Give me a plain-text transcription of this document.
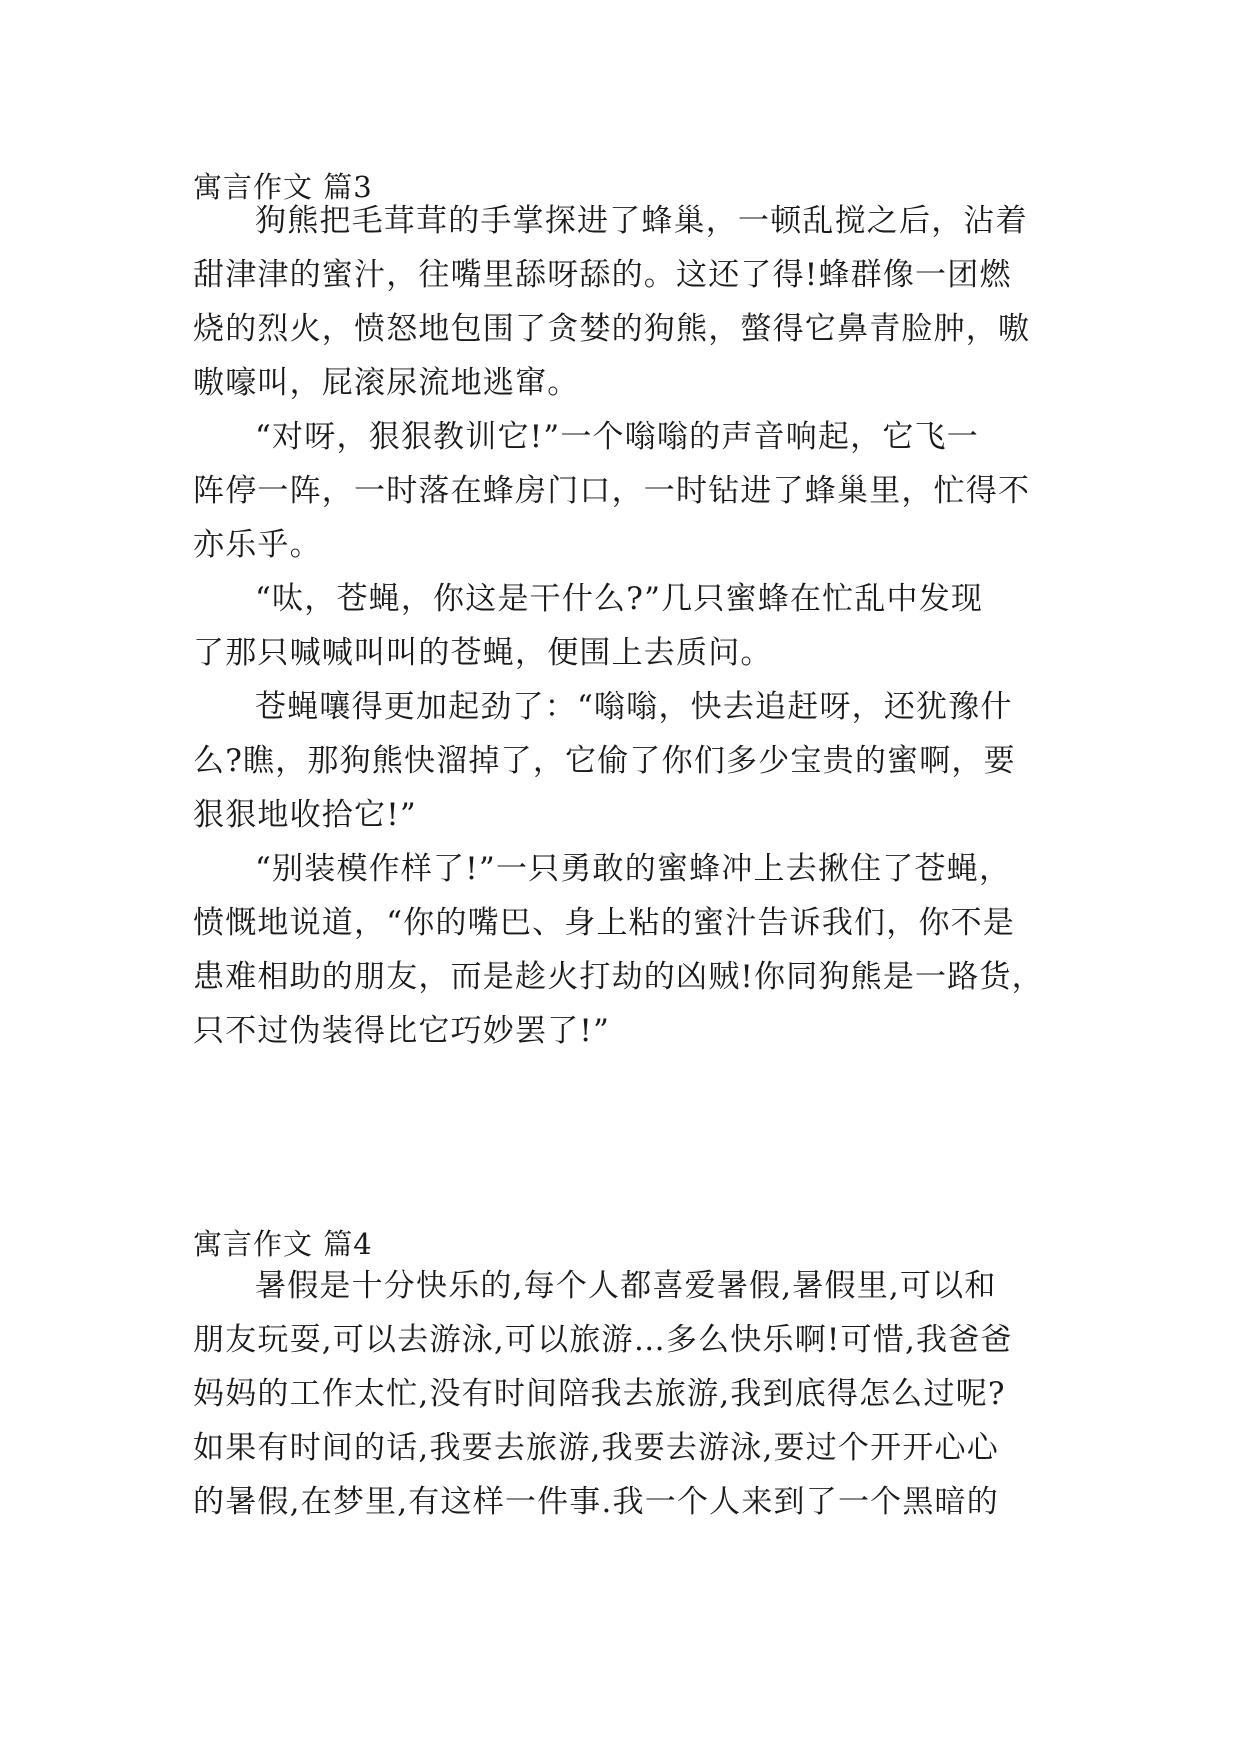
寓言作文 篇3
狗熊把毛茸茸的手掌探进了蜂巢，一顿乱搅之后，沾着
甜津津的蜜汁，往嘴里舔呀舔的。这还了得!蜂群像一团燃
烧的烈火，愤怒地包围了贪婪的狗熊，螫得它鼻青脸肿，嗷
嗷嚎叫，屁滚尿流地逃窜。
“对呀，狠狠教训它!”一个嗡嗡的声音响起，它飞一
阵停一阵，一时落在蜂房门口，一时钻进了蜂巢里，忙得不
亦乐乎。
“呔，苍蝇，你这是干什么?”几只蜜蜂在忙乱中发现
了那只喊喊叫叫的苍蝇，便围上去质问。
苍蝇嚷得更加起劲了：“嗡嗡，快去追赶呀，还犹豫什
么?瞧，那狗熊快溜掉了，它偷了你们多少宝贵的蜜啊，要
狠狠地收拾它!”
“别装模作样了!”一只勇敢的蜜蜂冲上去揪住了苍蝇，
愤慨地说道，“你的嘴巴、身上粘的蜜汁告诉我们，你不是
患难相助的朋友，而是趁火打劫的凶贼!你同狗熊是一路货，
只不过伪装得比它巧妙罢了!”
寓言作文 篇4
暑假是十分快乐的,每个人都喜爱暑假,暑假里,可以和
朋友玩耍,可以去游泳,可以旅游…多么快乐啊!可惜,我爸爸
妈妈的工作太忙,没有时间陪我去旅游,我到底得怎么过呢?
如果有时间的话,我要去旅游,我要去游泳,要过个开开心心
的暑假,在梦里,有这样一件事.我一个人来到了一个黑暗的
